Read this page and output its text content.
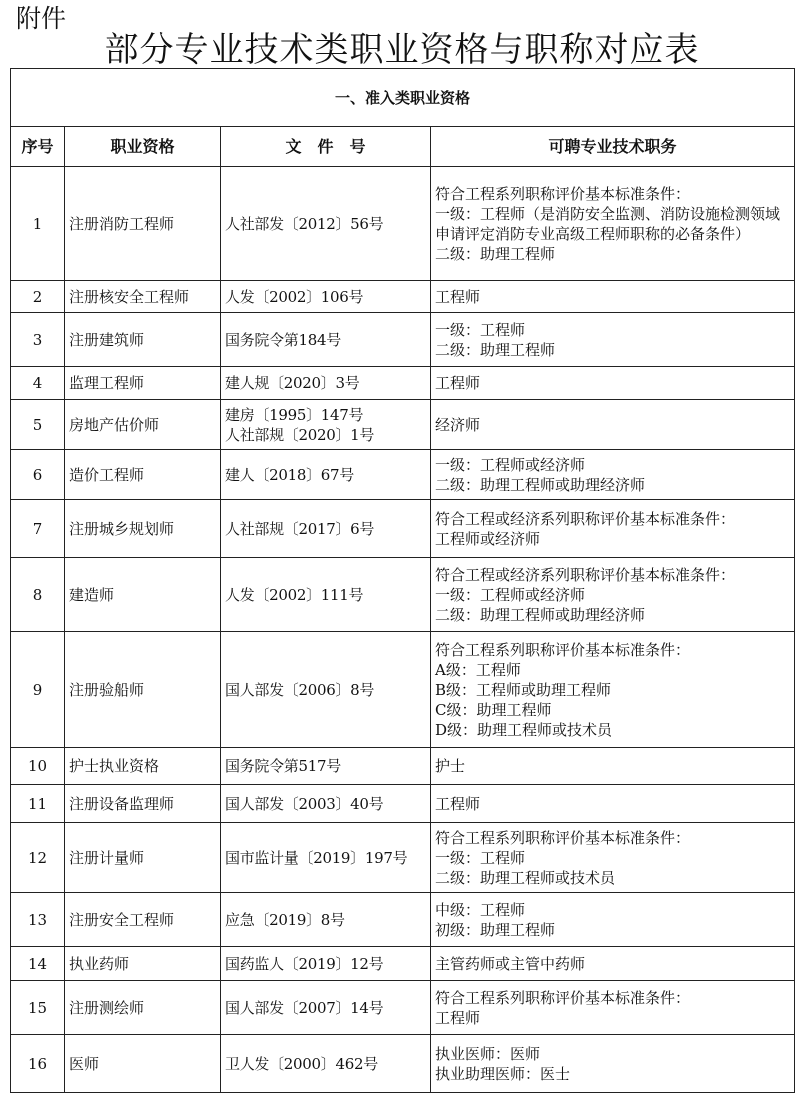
附件
部分专业技术类职业资格与职称对应表
一、准入类职业资格			
序号	职业资格	文　件　号	可聘专业技术职务
1	注册消防工程师	人社部发〔2012〕56号	符合工程系列职称评价基本标准条件：
一级：工程师（是消防安全监测、消防设施检测领域申请评定消防专业高级工程师职称的必备条件）
二级：助理工程师

2	注册核安全工程师	人发〔2002〕106号	工程师

3	注册建筑师	国务院令第184号	一级：工程师
二级：助理工程师

4	监理工程师	建人规〔2020〕3号	工程师

5	房地产估价师	建房〔1995〕147号
人社部规〔2020〕1号	经济师

6	造价工程师	建人〔2018〕67号	一级：工程师或经济师
二级：助理工程师或助理经济师

7	注册城乡规划师	人社部规〔2017〕6号	符合工程或经济系列职称评价基本标准条件：
工程师或经济师

8	建造师	人发〔2002〕111号	符合工程或经济系列职称评价基本标准条件：
一级：工程师或经济师
二级：助理工程师或助理经济师

9	注册验船师	国人部发〔2006〕8号	符合工程系列职称评价基本标准条件：
A级：工程师
B级：工程师或助理工程师
C级：助理工程师
D级：助理工程师或技术员

10	护士执业资格	国务院令第517号	护士

11	注册设备监理师	国人部发〔2003〕40号	工程师

12	注册计量师	国市监计量〔2019〕197号	符合工程系列职称评价基本标准条件：
一级：工程师
二级：助理工程师或技术员

13	注册安全工程师	应急〔2019〕8号	中级：工程师
初级：助理工程师

14	执业药师	国药监人〔2019〕12号	主管药师或主管中药师

15	注册测绘师	国人部发〔2007〕14号	符合工程系列职称评价基本标准条件：
工程师

16	医师	卫人发〔2000〕462号	执业医师：医师
执业助理医师：医士
